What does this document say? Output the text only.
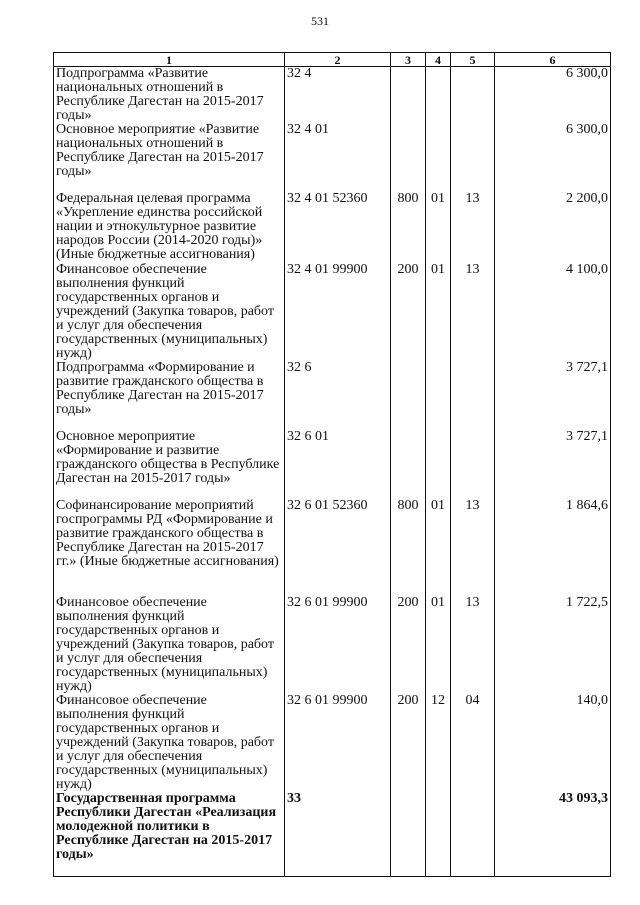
531
1	2	3	4	5	6
Подпрограмма «Развитие национальных отношений в Республике Дагестан на 2015-2017 годы»	32 4				6 300,0
Основное мероприятие «Развитие национальных отношений в Республике Дагестан на 2015-2017 годы»	32 4 01				6 300,0
Федеральная целевая программа «Укрепление единства российской нации и этнокультурное развитие народов России (2014-2020 годы)» (Иные бюджетные ассигнования)	32 4 01 52360	800	01	13	2 200,0
Финансовое обеспечение выполнения функций государственных органов и учреждений (Закупка товаров, работ и услуг для обеспечения государственных (муниципальных) нужд)	32 4 01 99900	200	01	13	4 100,0
Подпрограмма «Формирование и развитие гражданского общества в Республике Дагестан на 2015-2017 годы»	32 6				3 727,1
Основное мероприятие «Формирование и развитие гражданского общества в Республике Дагестан на 2015-2017 годы»	32 6 01				3 727,1
Софинансирование мероприятий госпрограммы РД «Формирование и развитие гражданского общества в Республике Дагестан на 2015-2017 гг.» (Иные бюджетные ассигнования)	32 6 01 52360	800	01	13	1 864,6
Финансовое обеспечение выполнения функций государственных органов и учреждений (Закупка товаров, работ и услуг для обеспечения государственных (муниципальных) нужд)	32 6 01 99900	200	01	13	1 722,5
Финансовое обеспечение выполнения функций государственных органов и учреждений (Закупка товаров, работ и услуг для обеспечения государственных (муниципальных) нужд)	32 6 01 99900	200	12	04	140,0
Государственная программа Республики Дагестан «Реализация молодежной политики в Республике Дагестан на 2015-2017 годы»	33				43 093,3
